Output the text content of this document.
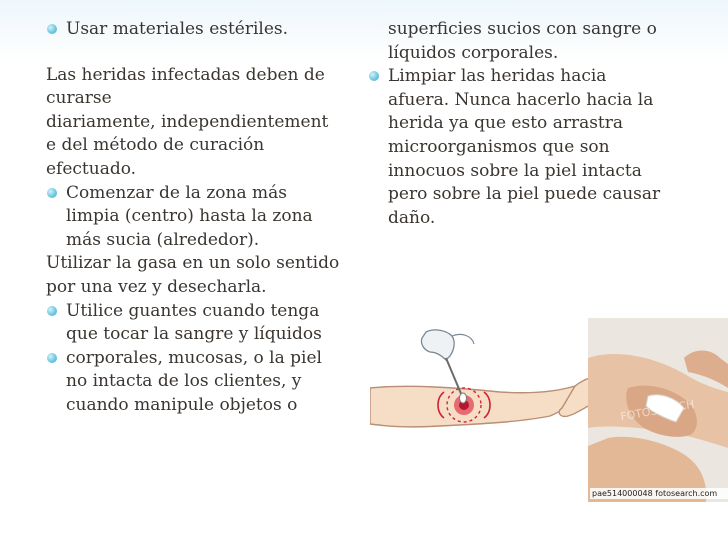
Usar materiales estériles.
Las heridas infectadas deben de
curarse
diariamente, independientement
e del método de curación
efectuado.
Comenzar de la zona más
limpia (centro) hasta la zona
más sucia (alrededor).
Utilizar la gasa en un solo sentido
por una vez y desecharla.
Utilice guantes cuando tenga
que tocar la sangre y líquidos
corporales, mucosas, o la piel
no intacta de los clientes, y
cuando manipule objetos o
superficies sucios con sangre o
líquidos corporales.
Limpiar las heridas hacia
afuera. Nunca hacerlo hacia la
herida ya que esto arrastra
microorganismos que son
innocuos sobre la piel intacta
pero sobre la piel puede causar
daño.
FOTOSEARCH
pae514000048 fotosearch.com
